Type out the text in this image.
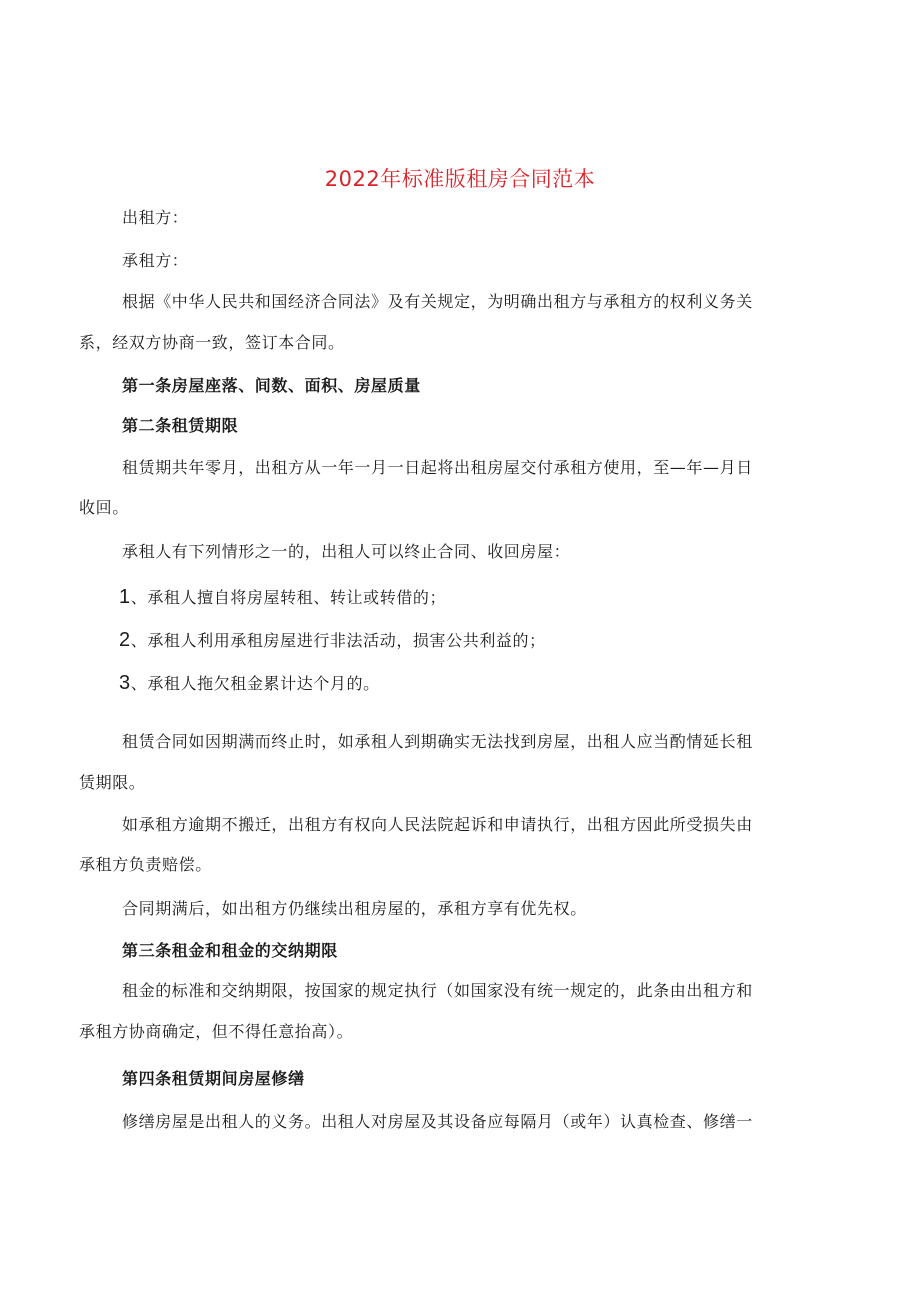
2022年标准版租房合同范本
出租方：
承租方：
根据《中华人民共和国经济合同法》及有关规定，为明确出租方与承租方的权利义务关
系，经双方协商一致，签订本合同。
第一条房屋座落、间数、面积、房屋质量
第二条租赁期限
租赁期共年零月，出租方从一年一月一日起将出租房屋交付承租方使用，至—年—月日
收回。
承租人有下列情形之一的，出租人可以终止合同、收回房屋：
1、承租人擅自将房屋转租、转让或转借的；
2、承租人利用承租房屋进行非法活动，损害公共利益的；
3、承租人拖欠租金累计达个月的。
租赁合同如因期满而终止时，如承租人到期确实无法找到房屋，出租人应当酌情延长租
赁期限。
如承租方逾期不搬迁，出租方有权向人民法院起诉和申请执行，出租方因此所受损失由
承租方负责赔偿。
合同期满后，如出租方仍继续出租房屋的，承租方享有优先权。
第三条租金和租金的交纳期限
租金的标准和交纳期限，按国家的规定执行（如国家没有统一规定的，此条由出租方和
承租方协商确定，但不得任意抬高）。
第四条租赁期间房屋修缮
修缮房屋是出租人的义务。出租人对房屋及其设备应每隔月（或年）认真检查、修缮一
